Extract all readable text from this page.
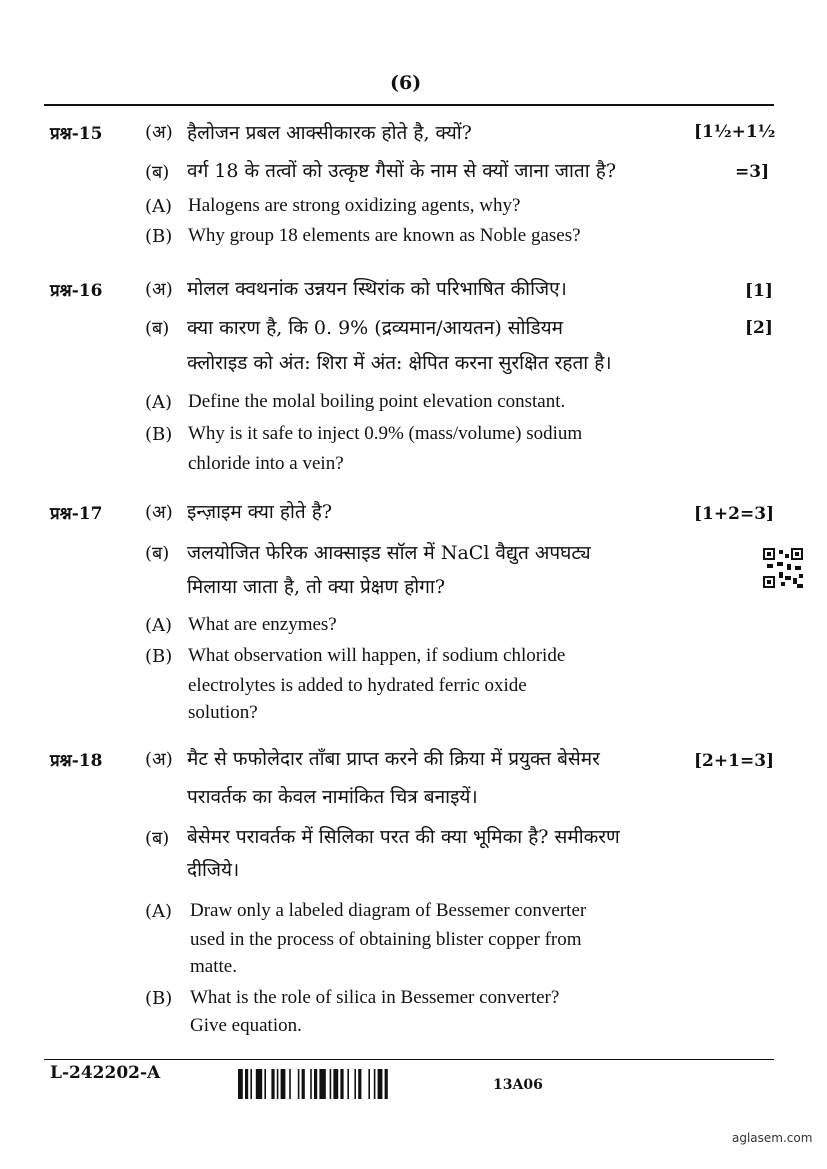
(6)
प्रश्न-15 (अ) हैलोजन प्रबल आक्सीकारक होते है, क्यों?	[1½+1½
(ब) वर्ग 18 के तत्वों को उत्कृष्ट गैसों के नाम से क्यों जाना जाता है?	=3]
(A) Halogens are strong oxidizing agents, why?
(B) Why group 18 elements are known as Noble gases?
प्रश्न-16 (अ) मोलल क्वथनांक उन्नयन स्थिरांक को परिभाषित कीजिए।	[1]
(ब) क्या कारण है, कि 0. 9% (द्रव्यमान/आयतन) सोडियम	[2]
क्लोराइड को अंत: शिरा में अंत: क्षेपित करना सुरक्षित रहता है।
(A) Define the molal boiling point elevation constant.
(B) Why is it safe to inject 0.9% (mass/volume) sodium
chloride into a vein?
प्रश्न-17 (अ) इन्ज़ाइम क्या होते है?	[1+2=3]
(ब) जलयोजित फेरिक आक्साइड सॉल में NaCl वैद्युत अपघट्य
मिलाया जाता है, तो क्या प्रेक्षण होगा?
(A) What are enzymes?
(B) What observation will happen, if sodium chloride
electrolytes is added to hydrated ferric oxide
solution?
प्रश्न-18 (अ) मैट से फफोलेदार ताँबा प्राप्त करने की क्रिया में प्रयुक्त बेसेमर	[2+1=3]
परावर्तक का केवल नामांकित चित्र बनाइयें।
(ब) बेसेमर परावर्तक में सिलिका परत की क्या भूमिका है? समीकरण
दीजिये।
(A) Draw only a labeled diagram of Bessemer converter
used in the process of obtaining blister copper from
matte.
(B) What is the role of silica in Bessemer converter?
Give equation.
L-242202-A
13A06
aglasem.com
